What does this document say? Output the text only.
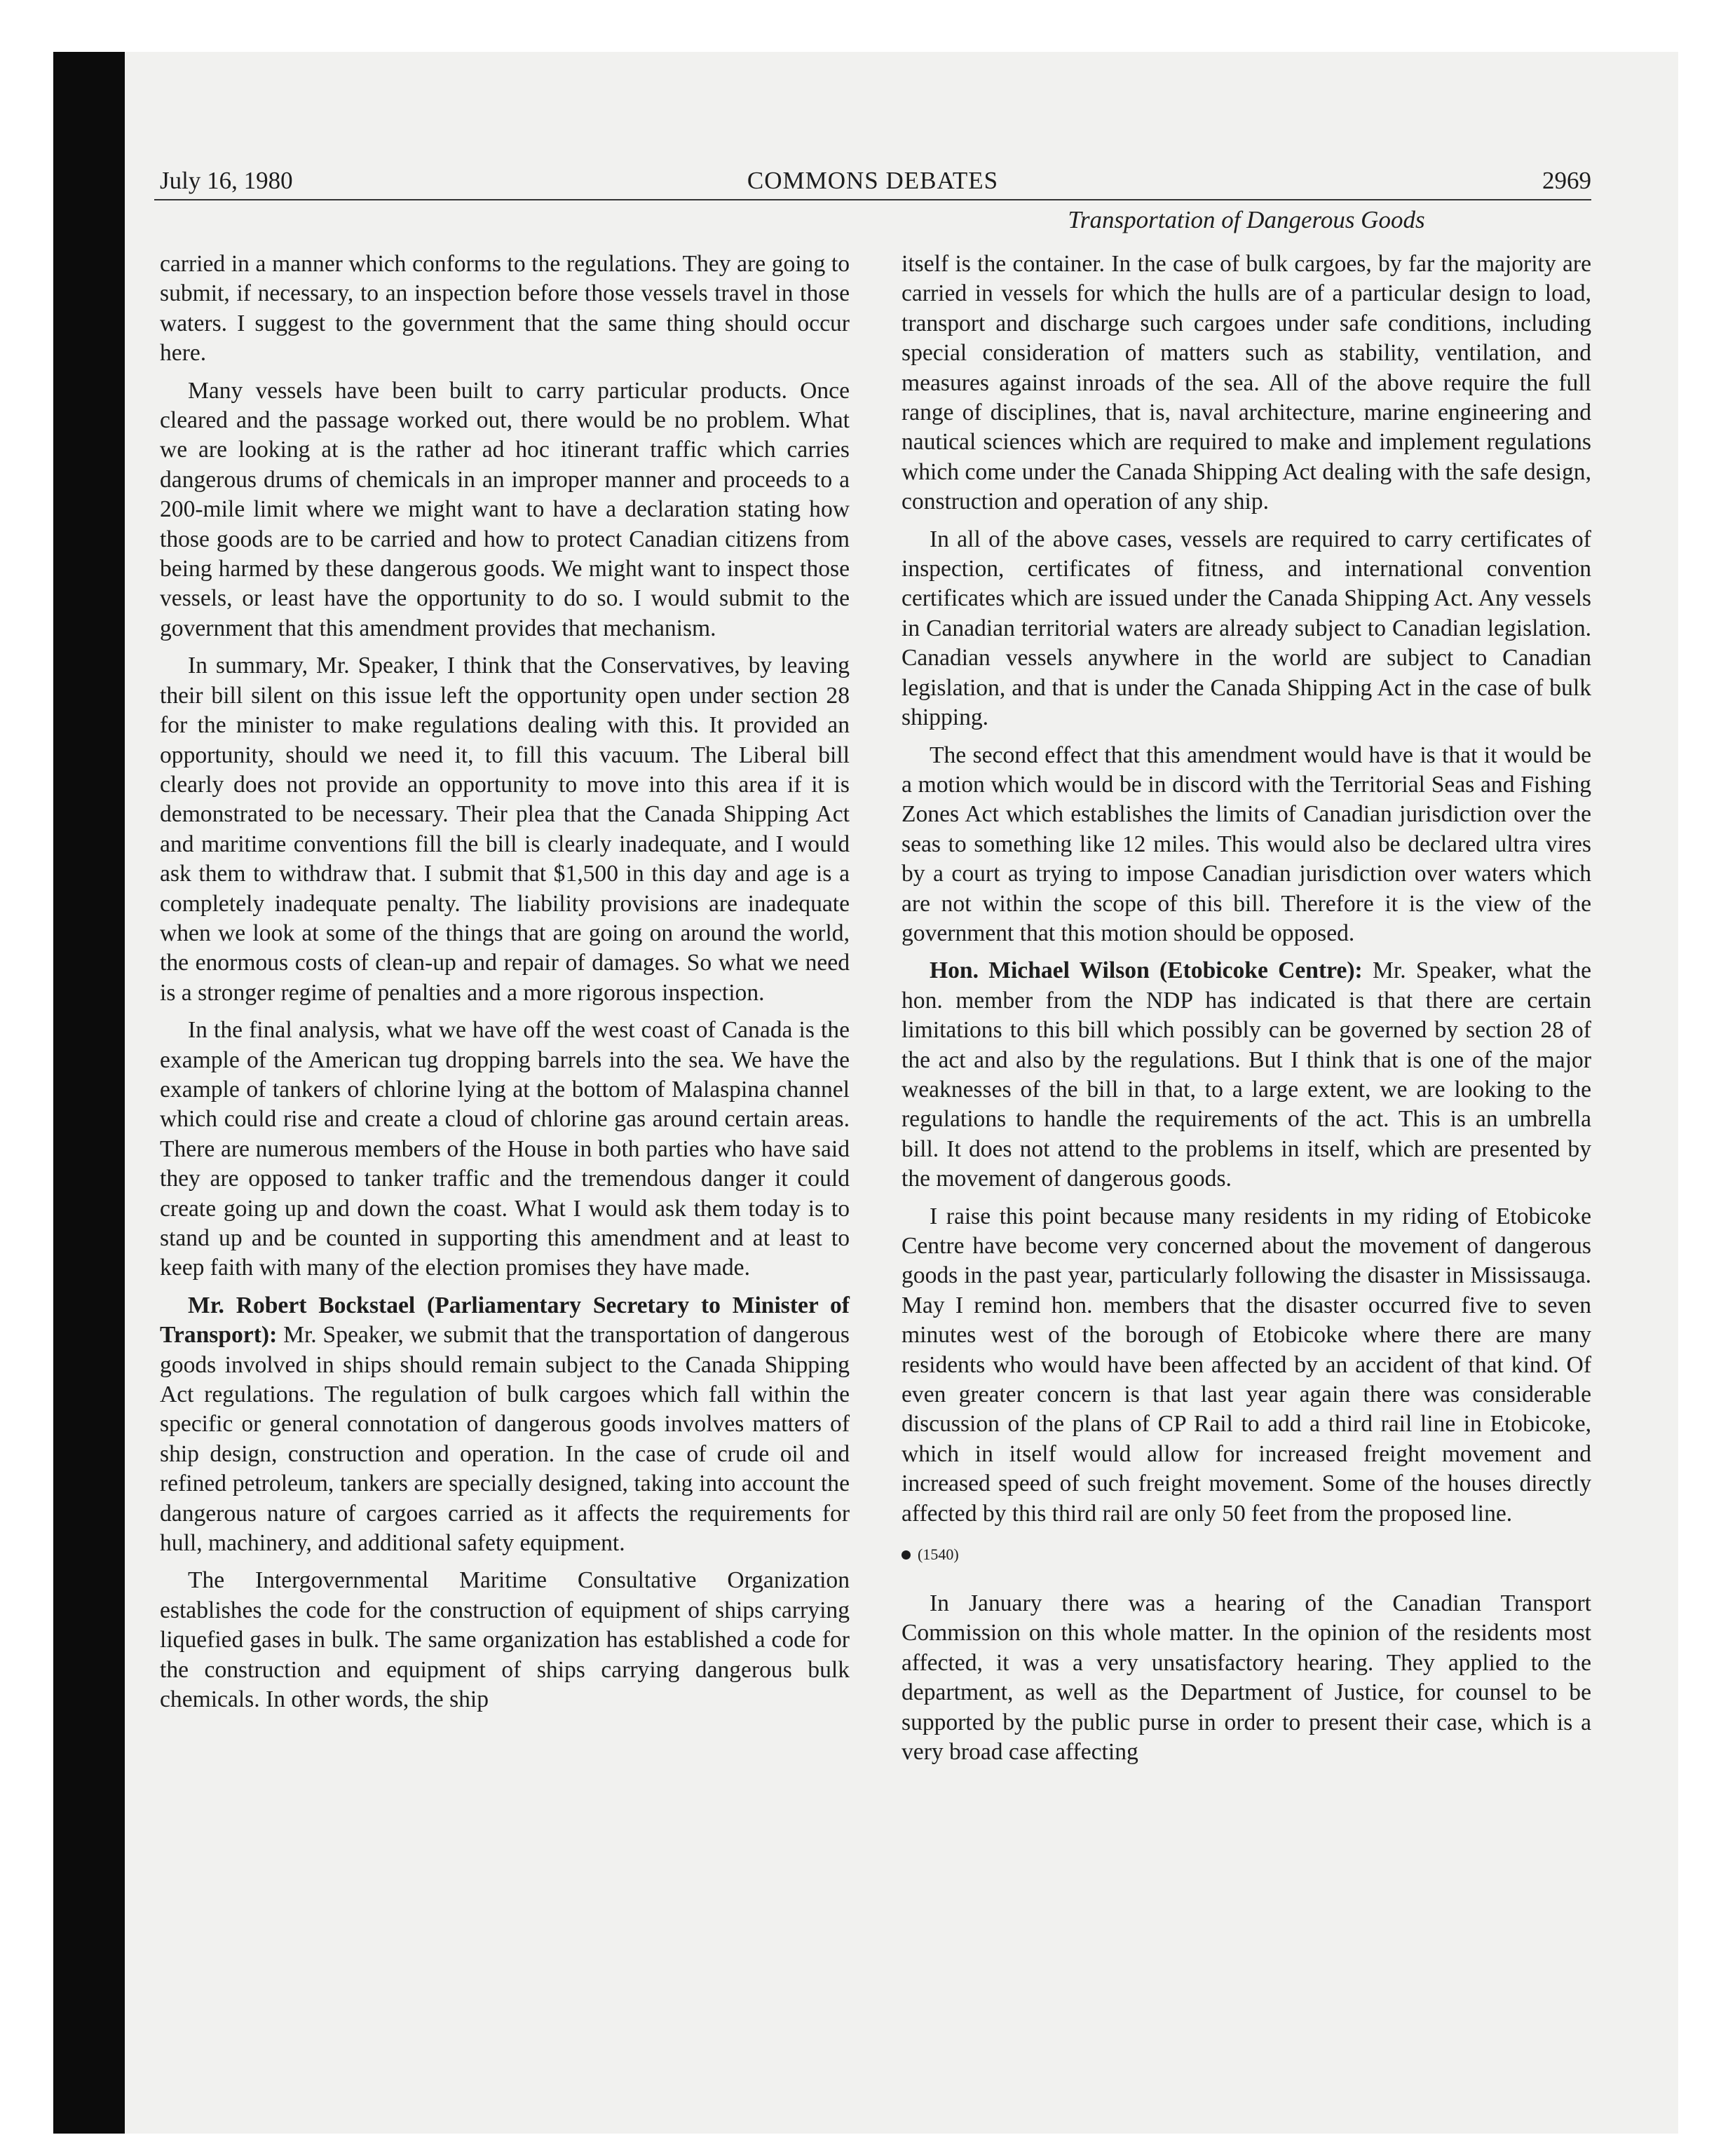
July 16, 1980	COMMONS DEBATES	2969
Transportation of Dangerous Goods

carried in a manner which conforms to the regulations. They are going to submit, if necessary, to an inspection before those vessels travel in those waters. I suggest to the government that the same thing should occur here.

Many vessels have been built to carry particular products. Once cleared and the passage worked out, there would be no problem. What we are looking at is the rather ad hoc itinerant traffic which carries dangerous drums of chemicals in an improper manner and proceeds to a 200-mile limit where we might want to have a declaration stating how those goods are to be carried and how to protect Canadian citizens from being harmed by these dangerous goods. We might want to inspect those vessels, or least have the opportunity to do so. I would submit to the government that this amendment provides that mechanism.

In summary, Mr. Speaker, I think that the Conservatives, by leaving their bill silent on this issue left the opportunity open under section 28 for the minister to make regulations dealing with this. It provided an opportunity, should we need it, to fill this vacuum. The Liberal bill clearly does not provide an opportunity to move into this area if it is demonstrated to be necessary. Their plea that the Canada Shipping Act and maritime conventions fill the bill is clearly inadequate, and I would ask them to withdraw that. I submit that $1,500 in this day and age is a completely inadequate penalty. The liability provisions are inadequate when we look at some of the things that are going on around the world, the enormous costs of clean-up and repair of damages. So what we need is a stronger regime of penalties and a more rigorous inspection.

In the final analysis, what we have off the west coast of Canada is the example of the American tug dropping barrels into the sea. We have the example of tankers of chlorine lying at the bottom of Malaspina channel which could rise and create a cloud of chlorine gas around certain areas. There are numerous members of the House in both parties who have said they are opposed to tanker traffic and the tremendous danger it could create going up and down the coast. What I would ask them today is to stand up and be counted in supporting this amendment and at least to keep faith with many of the election promises they have made.

Mr. Robert Bockstael (Parliamentary Secretary to Minister of Transport): Mr. Speaker, we submit that the transportation of dangerous goods involved in ships should remain subject to the Canada Shipping Act regulations. The regulation of bulk cargoes which fall within the specific or general connotation of dangerous goods involves matters of ship design, construction and operation. In the case of crude oil and refined petroleum, tankers are specially designed, taking into account the dangerous nature of cargoes carried as it affects the requirements for hull, machinery, and additional safety equipment.

The Intergovernmental Maritime Consultative Organization establishes the code for the construction of equipment of ships carrying liquefied gases in bulk. The same organization has established a code for the construction and equipment of ships carrying dangerous bulk chemicals. In other words, the ship

itself is the container. In the case of bulk cargoes, by far the majority are carried in vessels for which the hulls are of a particular design to load, transport and discharge such cargoes under safe conditions, including special consideration of matters such as stability, ventilation, and measures against inroads of the sea. All of the above require the full range of disciplines, that is, naval architecture, marine engineering and nautical sciences which are required to make and implement regulations which come under the Canada Shipping Act dealing with the safe design, construction and operation of any ship.

In all of the above cases, vessels are required to carry certificates of inspection, certificates of fitness, and international convention certificates which are issued under the Canada Shipping Act. Any vessels in Canadian territorial waters are already subject to Canadian legislation. Canadian vessels anywhere in the world are subject to Canadian legislation, and that is under the Canada Shipping Act in the case of bulk shipping.

The second effect that this amendment would have is that it would be a motion which would be in discord with the Territorial Seas and Fishing Zones Act which establishes the limits of Canadian jurisdiction over the seas to something like 12 miles. This would also be declared ultra vires by a court as trying to impose Canadian jurisdiction over waters which are not within the scope of this bill. Therefore it is the view of the government that this motion should be opposed.

Hon. Michael Wilson (Etobicoke Centre): Mr. Speaker, what the hon. member from the NDP has indicated is that there are certain limitations to this bill which possibly can be governed by section 28 of the act and also by the regulations. But I think that is one of the major weaknesses of the bill in that, to a large extent, we are looking to the regulations to handle the requirements of the act. This is an umbrella bill. It does not attend to the problems in itself, which are presented by the movement of dangerous goods.

I raise this point because many residents in my riding of Etobicoke Centre have become very concerned about the movement of dangerous goods in the past year, particularly following the disaster in Mississauga. May I remind hon. members that the disaster occurred five to seven minutes west of the borough of Etobicoke where there are many residents who would have been affected by an accident of that kind. Of even greater concern is that last year again there was considerable discussion of the plans of CP Rail to add a third rail line in Etobicoke, which in itself would allow for increased freight movement and increased speed of such freight movement. Some of the houses directly affected by this third rail are only 50 feet from the proposed line.

(1540)

In January there was a hearing of the Canadian Transport Commission on this whole matter. In the opinion of the residents most affected, it was a very unsatisfactory hearing. They applied to the department, as well as the Department of Justice, for counsel to be supported by the public purse in order to present their case, which is a very broad case affecting
